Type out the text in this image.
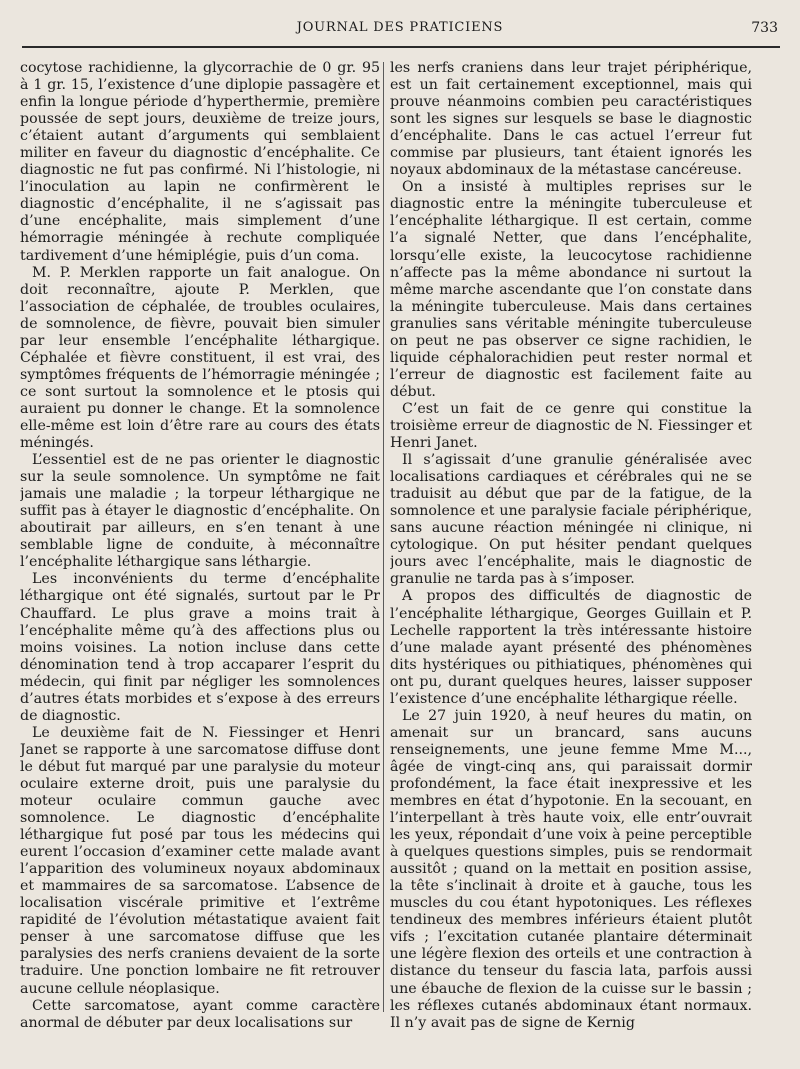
JOURNAL DES PRATICIENS	733

cocytose rachidienne, la glycorrachie de 0 gr. 95 à 1 gr. 15, l’existence d’une diplopie passagère et enfin la longue période d’hyperthermie, première poussée de sept jours, deuxième de treize jours, c’étaient autant d’arguments qui semblaient militer en faveur du diagnostic d’encéphalite. Ce diagnostic ne fut pas confirmé. Ni l’histologie, ni l’inoculation au lapin ne confirmèrent le diagnostic d’encéphalite, il ne s’agissait pas d’une encéphalite, mais simplement d’une hémorragie méningée à rechute compliquée tardivement d’une hémiplégie, puis d’un coma.

M. P. Merklen rapporte un fait analogue. On doit reconnaître, ajoute P. Merklen, que l’association de céphalée, de troubles oculaires, de somnolence, de fièvre, pouvait bien simuler par leur ensemble l’encéphalite léthargique. Céphalée et fièvre constituent, il est vrai, des symptômes fréquents de l’hémorragie méningée ; ce sont surtout la somnolence et le ptosis qui auraient pu donner le change. Et la somnolence elle-même est loin d’être rare au cours des états méningés.

L’essentiel est de ne pas orienter le diagnostic sur la seule somnolence. Un symptôme ne fait jamais une maladie ; la torpeur léthargique ne suffit pas à étayer le diagnostic d’encéphalite. On aboutirait par ailleurs, en s’en tenant à une semblable ligne de conduite, à méconnaître l’encéphalite léthargique sans léthargie.

Les inconvénients du terme d’encéphalite léthargique ont été signalés, surtout par le Pr Chauffard. Le plus grave a moins trait à l’encéphalite même qu’à des affections plus ou moins voisines. La notion incluse dans cette dénomination tend à trop accaparer l’esprit du médecin, qui finit par négliger les somnolences d’autres états morbides et s’expose à des erreurs de diagnostic.

Le deuxième fait de N. Fiessinger et Henri Janet se rapporte à une sarcomatose diffuse dont le début fut marqué par une paralysie du moteur oculaire externe droit, puis une paralysie du moteur oculaire commun gauche avec somnolence. Le diagnostic d’encéphalite léthargique fut posé par tous les médecins qui eurent l’occasion d’examiner cette malade avant l’apparition des volumineux noyaux abdominaux et mammaires de sa sarcomatose. L’absence de localisation viscérale primitive et l’extrême rapidité de l’évolution métastatique avaient fait penser à une sarcomatose diffuse que les paralysies des nerfs craniens devaient de la sorte traduire. Une ponction lombaire ne fit retrouver aucune cellule néoplasique.

Cette sarcomatose, ayant comme caractère anormal de débuter par deux localisations sur

les nerfs craniens dans leur trajet périphérique, est un fait certainement exceptionnel, mais qui prouve néanmoins combien peu caractéristiques sont les signes sur lesquels se base le diagnostic d’encéphalite. Dans le cas actuel l’erreur fut commise par plusieurs, tant étaient ignorés les noyaux abdominaux de la métastase cancéreuse.

On a insisté à multiples reprises sur le diagnostic entre la méningite tuberculeuse et l’encéphalite léthargique. Il est certain, comme l’a signalé Netter, que dans l’encéphalite, lorsqu’elle existe, la leucocytose rachidienne n’affecte pas la même abondance ni surtout la même marche ascendante que l’on constate dans la méningite tuberculeuse. Mais dans certaines granulies sans véritable méningite tuberculeuse on peut ne pas observer ce signe rachidien, le liquide céphalorachidien peut rester normal et l’erreur de diagnostic est facilement faite au début.

C’est un fait de ce genre qui constitue la troisième erreur de diagnostic de N. Fiessinger et Henri Janet.

Il s’agissait d’une granulie généralisée avec localisations cardiaques et cérébrales qui ne se traduisit au début que par de la fatigue, de la somnolence et une paralysie faciale périphérique, sans aucune réaction méningée ni clinique, ni cytologique. On put hésiter pendant quelques jours avec l’encéphalite, mais le diagnostic de granulie ne tarda pas à s’imposer.

A propos des difficultés de diagnostic de l’encéphalite léthargique, Georges Guillain et P. Lechelle rapportent la très intéressante histoire d’une malade ayant présenté des phénomènes dits hystériques ou pithiatiques, phénomènes qui ont pu, durant quelques heures, laisser supposer l’existence d’une encéphalite léthargique réelle.

Le 27 juin 1920, à neuf heures du matin, on amenait sur un brancard, sans aucuns renseignements, une jeune femme Mme M..., âgée de vingt-cinq ans, qui paraissait dormir profondément, la face était inexpressive et les membres en état d’hypotonie. En la secouant, en l’interpellant à très haute voix, elle entr’ouvrait les yeux, répondait d’une voix à peine perceptible à quelques questions simples, puis se rendormait aussitôt ; quand on la mettait en position assise, la tête s’inclinait à droite et à gauche, tous les muscles du cou étant hypotoniques. Les réflexes tendineux des membres inférieurs étaient plutôt vifs ; l’excitation cutanée plantaire déterminait une légère flexion des orteils et une contraction à distance du tenseur du fascia lata, parfois aussi une ébauche de flexion de la cuisse sur le bassin ; les réflexes cutanés abdominaux étant normaux. Il n’y avait pas de signe de Kernig
